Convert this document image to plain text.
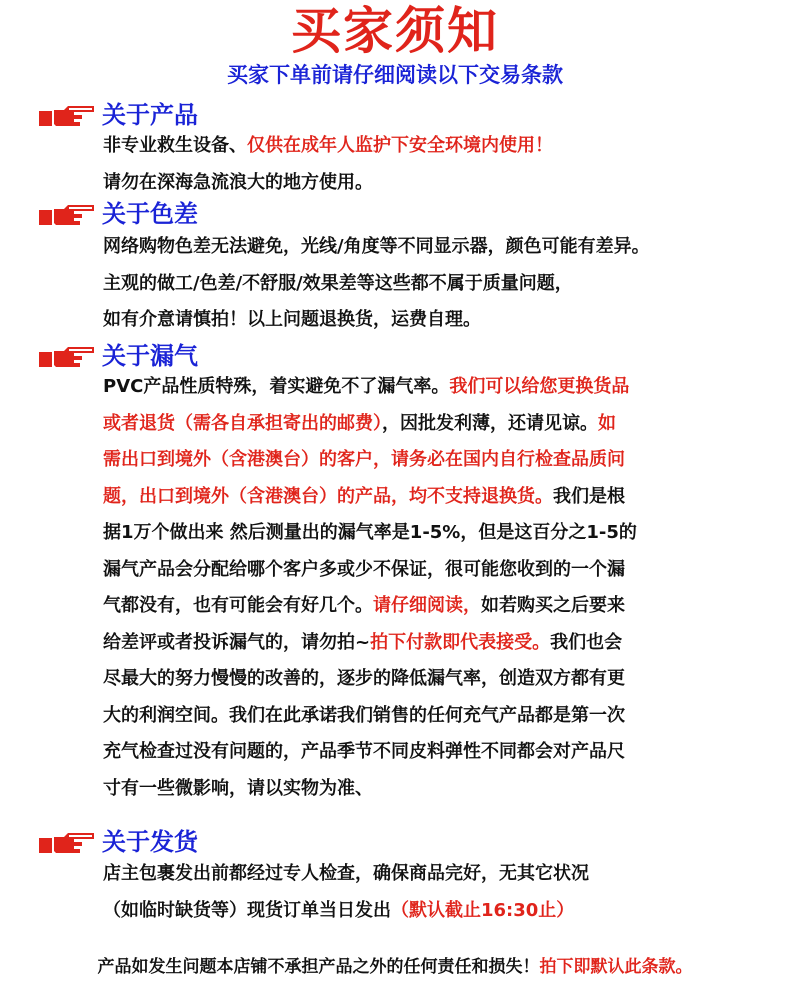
买家须知
买家下单前请仔细阅读以下交易条款
关于产品
非专业救生设备、仅供在成年人监护下安全环境内使用！
请勿在深海急流浪大的地方使用。
关于色差
网络购物色差无法避免，光线/角度等不同显示器，颜色可能有差异。
主观的做工/色差/不舒服/效果差等这些都不属于质量问题，
如有介意请慎拍！以上问题退换货，运费自理。
关于漏气
PVC产品性质特殊，着实避免不了漏气率。我们可以给您更换货品
或者退货（需各自承担寄出的邮费），因批发利薄，还请见谅。如
需出口到境外（含港澳台）的客户，请务必在国内自行检查品质问
题，出口到境外（含港澳台）的产品，均不支持退换货。我们是根
据1万个做出来 然后测量出的漏气率是1-5%，但是这百分之1-5的
漏气产品会分配给哪个客户多或少不保证，很可能您收到的一个漏
气都没有，也有可能会有好几个。请仔细阅读，如若购买之后要来
给差评或者投诉漏气的，请勿拍~拍下付款即代表接受。我们也会
尽最大的努力慢慢的改善的，逐步的降低漏气率，创造双方都有更
大的利润空间。我们在此承诺我们销售的任何充气产品都是第一次
充气检查过没有问题的，产品季节不同皮料弹性不同都会对产品尺
寸有一些微影响，请以实物为准、
关于发货
店主包裹发出前都经过专人检查，确保商品完好，无其它状况
（如临时缺货等）现货订单当日发出（默认截止16:30止）
产品如发生问题本店铺不承担产品之外的任何责任和损失！拍下即默认此条款。
